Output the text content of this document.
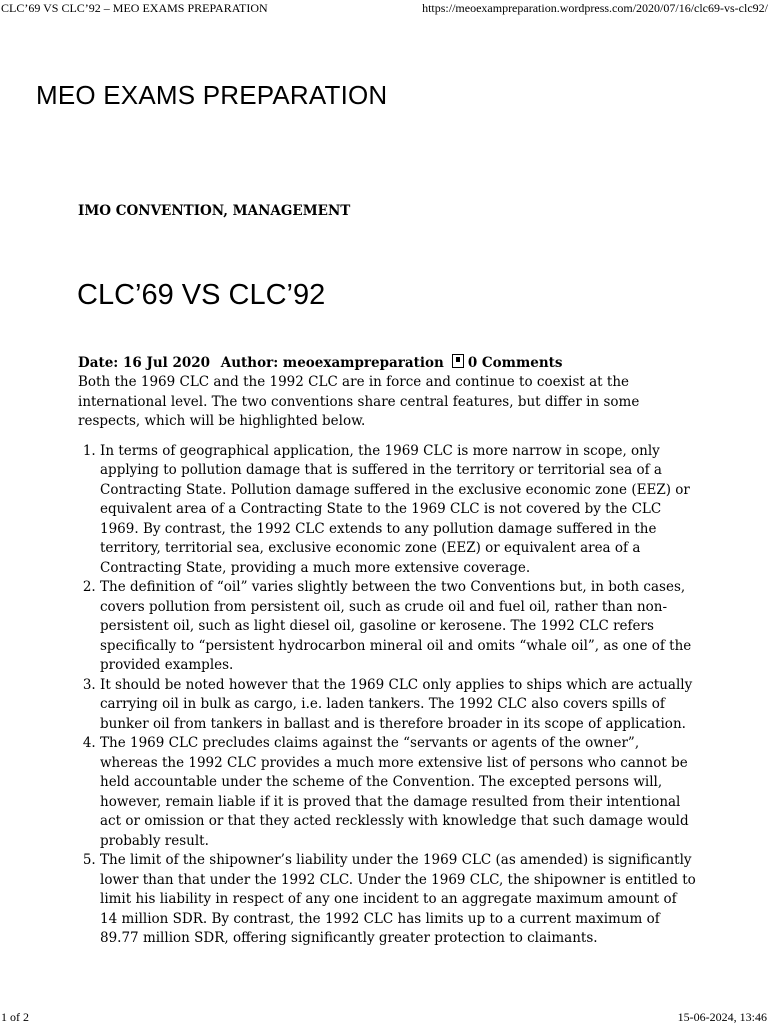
CLC’69 VS CLC’92 – MEO EXAMS PREPARATION	https://meoexampreparation.wordpress.com/2020/07/16/clc69-vs-clc92/
MEO EXAMS PREPARATION
IMO CONVENTION, MANAGEMENT
CLC’69 VS CLC’92
Date: 16 Jul 2020 Author: meoexampreparation 0 Comments

Both the 1969 CLC and the 1992 CLC are in force and continue to coexist at the international level. The two conventions share central features, but differ in some respects, which will be highlighted below.

1. In terms of geographical application, the 1969 CLC is more narrow in scope, only applying to pollution damage that is suffered in the territory or territorial sea of a Contracting State. Pollution damage suffered in the exclusive economic zone (EEZ) or equivalent area of a Contracting State to the 1969 CLC is not covered by the CLC 1969. By contrast, the 1992 CLC extends to any pollution damage suffered in the territory, territorial sea, exclusive economic zone (EEZ) or equivalent area of a Contracting State, providing a much more extensive coverage.
2. The definition of “oil” varies slightly between the two Conventions but, in both cases, covers pollution from persistent oil, such as crude oil and fuel oil, rather than non-persistent oil, such as light diesel oil, gasoline or kerosene. The 1992 CLC refers specifically to “persistent hydrocarbon mineral oil and omits “whale oil”, as one of the provided examples.
3. It should be noted however that the 1969 CLC only applies to ships which are actually carrying oil in bulk as cargo, i.e. laden tankers. The 1992 CLC also covers spills of bunker oil from tankers in ballast and is therefore broader in its scope of application.
4. The 1969 CLC precludes claims against the “servants or agents of the owner”, whereas the 1992 CLC provides a much more extensive list of persons who cannot be held accountable under the scheme of the Convention. The excepted persons will, however, remain liable if it is proved that the damage resulted from their intentional act or omission or that they acted recklessly with knowledge that such damage would probably result.
5. The limit of the shipowner’s liability under the 1969 CLC (as amended) is significantly lower than that under the 1992 CLC. Under the 1969 CLC, the shipowner is entitled to limit his liability in respect of any one incident to an aggregate maximum amount of 14 million SDR. By contrast, the 1992 CLC has limits up to a current maximum of 89.77 million SDR, offering significantly greater protection to claimants.
1 of 2	15-06-2024, 13:46
